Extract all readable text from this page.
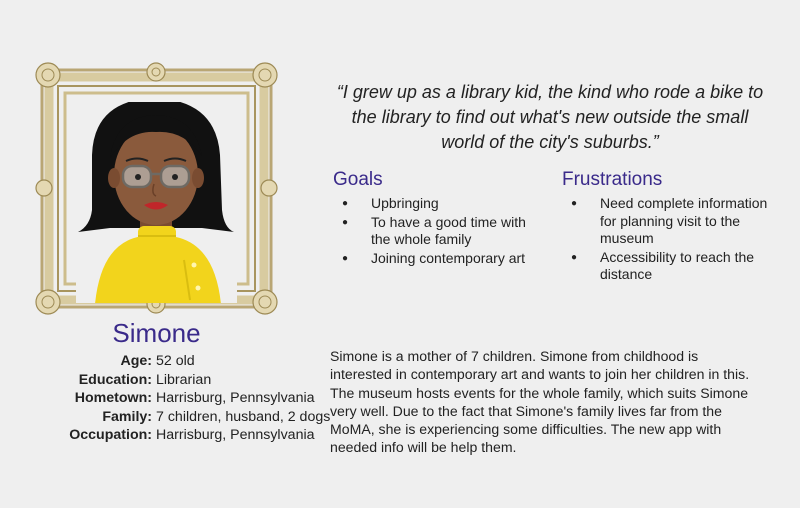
Simone
Age: 52 old
Education: Librarian
Hometown: Harrisburg, Pennsylvania
Family: 7 children, husband, 2 dogs
Occupation: Harrisburg, Pennsylvania
“I grew up as a library kid, the kind who rode a bike to the library to find out what's new outside the small world of the city's suburbs.”
Goals
● Upbringing
● To have a good time with the whole family
● Joining contemporary art
Frustrations
● Need complete information for planning visit to the museum
● Accessibility to reach the distance
Simone is a mother of 7 children. Simone from childhood is interested in contemporary art and wants to join her children in this. The museum hosts events for the whole family, which suits Simone very well. Due to the fact that Simone's family lives far from the MoMA, she is experiencing some difficulties. The new app with needed info will be help them.
